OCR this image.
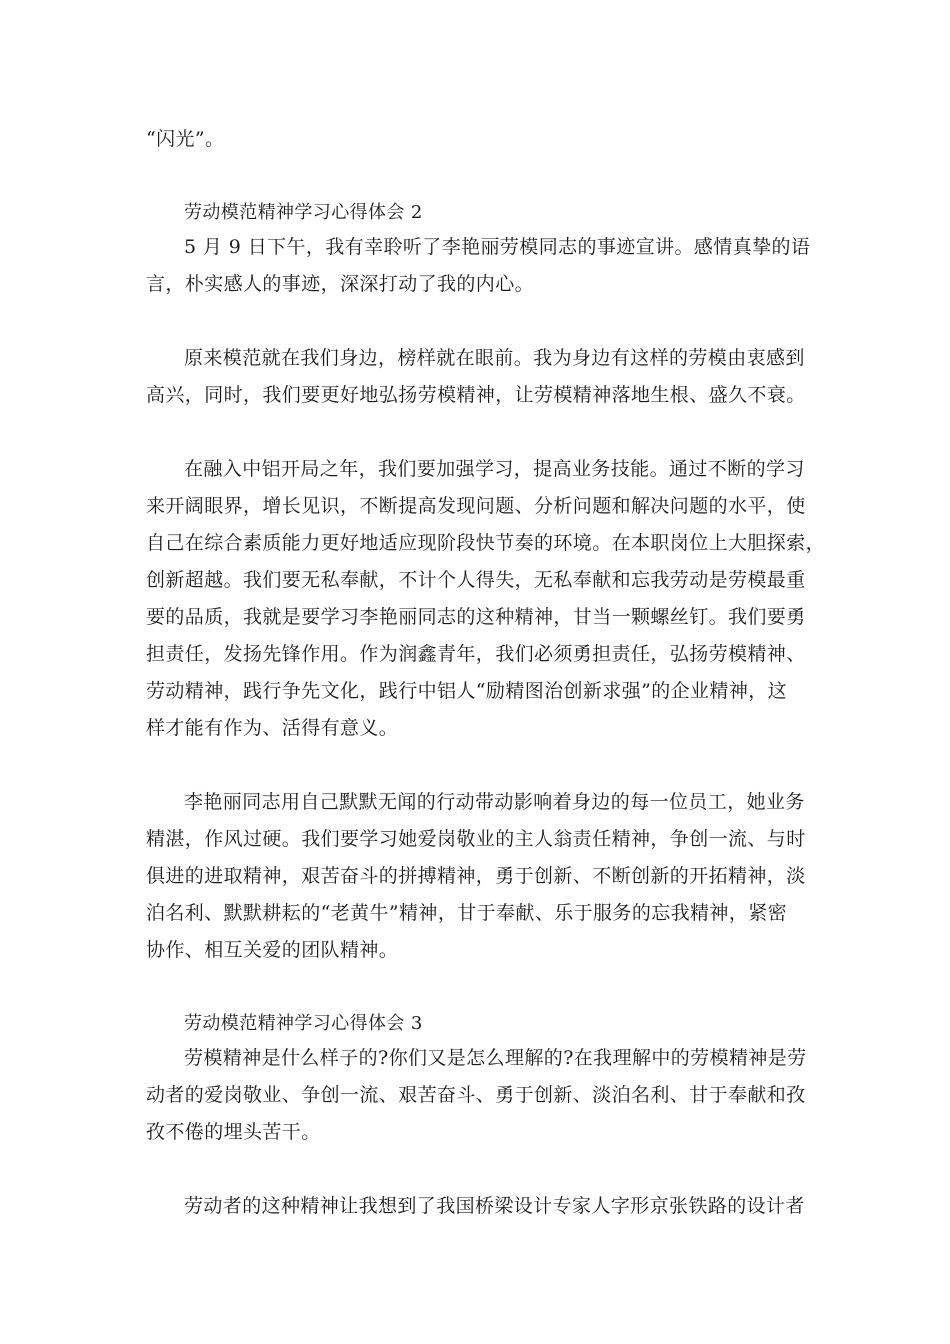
“闪光”。
劳动模范精神学习心得体会 2
5 月 9 日下午，我有幸聆听了李艳丽劳模同志的事迹宣讲。感情真挚的语
言，朴实感人的事迹，深深打动了我的内心。
原来模范就在我们身边，榜样就在眼前。我为身边有这样的劳模由衷感到
高兴，同时，我们要更好地弘扬劳模精神，让劳模精神落地生根、盛久不衰。
在融入中铝开局之年，我们要加强学习，提高业务技能。通过不断的学习
来开阔眼界，增长见识，不断提高发现问题、分析问题和解决问题的水平，使
自己在综合素质能力更好地适应现阶段快节奏的环境。在本职岗位上大胆探索，
创新超越。我们要无私奉献，不计个人得失，无私奉献和忘我劳动是劳模最重
要的品质，我就是要学习李艳丽同志的这种精神，甘当一颗螺丝钉。我们要勇
担责任，发扬先锋作用。作为润鑫青年，我们必须勇担责任，弘扬劳模精神、
劳动精神，践行争先文化，践行中铝人“励精图治创新求强”的企业精神，这
样才能有作为、活得有意义。
李艳丽同志用自己默默无闻的行动带动影响着身边的每一位员工，她业务
精湛，作风过硬。我们要学习她爱岗敬业的主人翁责任精神，争创一流、与时
俱进的进取精神，艰苦奋斗的拼搏精神，勇于创新、不断创新的开拓精神，淡
泊名利、默默耕耘的“老黄牛”精神，甘于奉献、乐于服务的忘我精神，紧密
协作、相互关爱的团队精神。
劳动模范精神学习心得体会 3
劳模精神是什么样子的?你们又是怎么理解的?在我理解中的劳模精神是劳
动者的爱岗敬业、争创一流、艰苦奋斗、勇于创新、淡泊名利、甘于奉献和孜
孜不倦的埋头苦干。
劳动者的这种精神让我想到了我国桥梁设计专家人字形京张铁路的设计者
